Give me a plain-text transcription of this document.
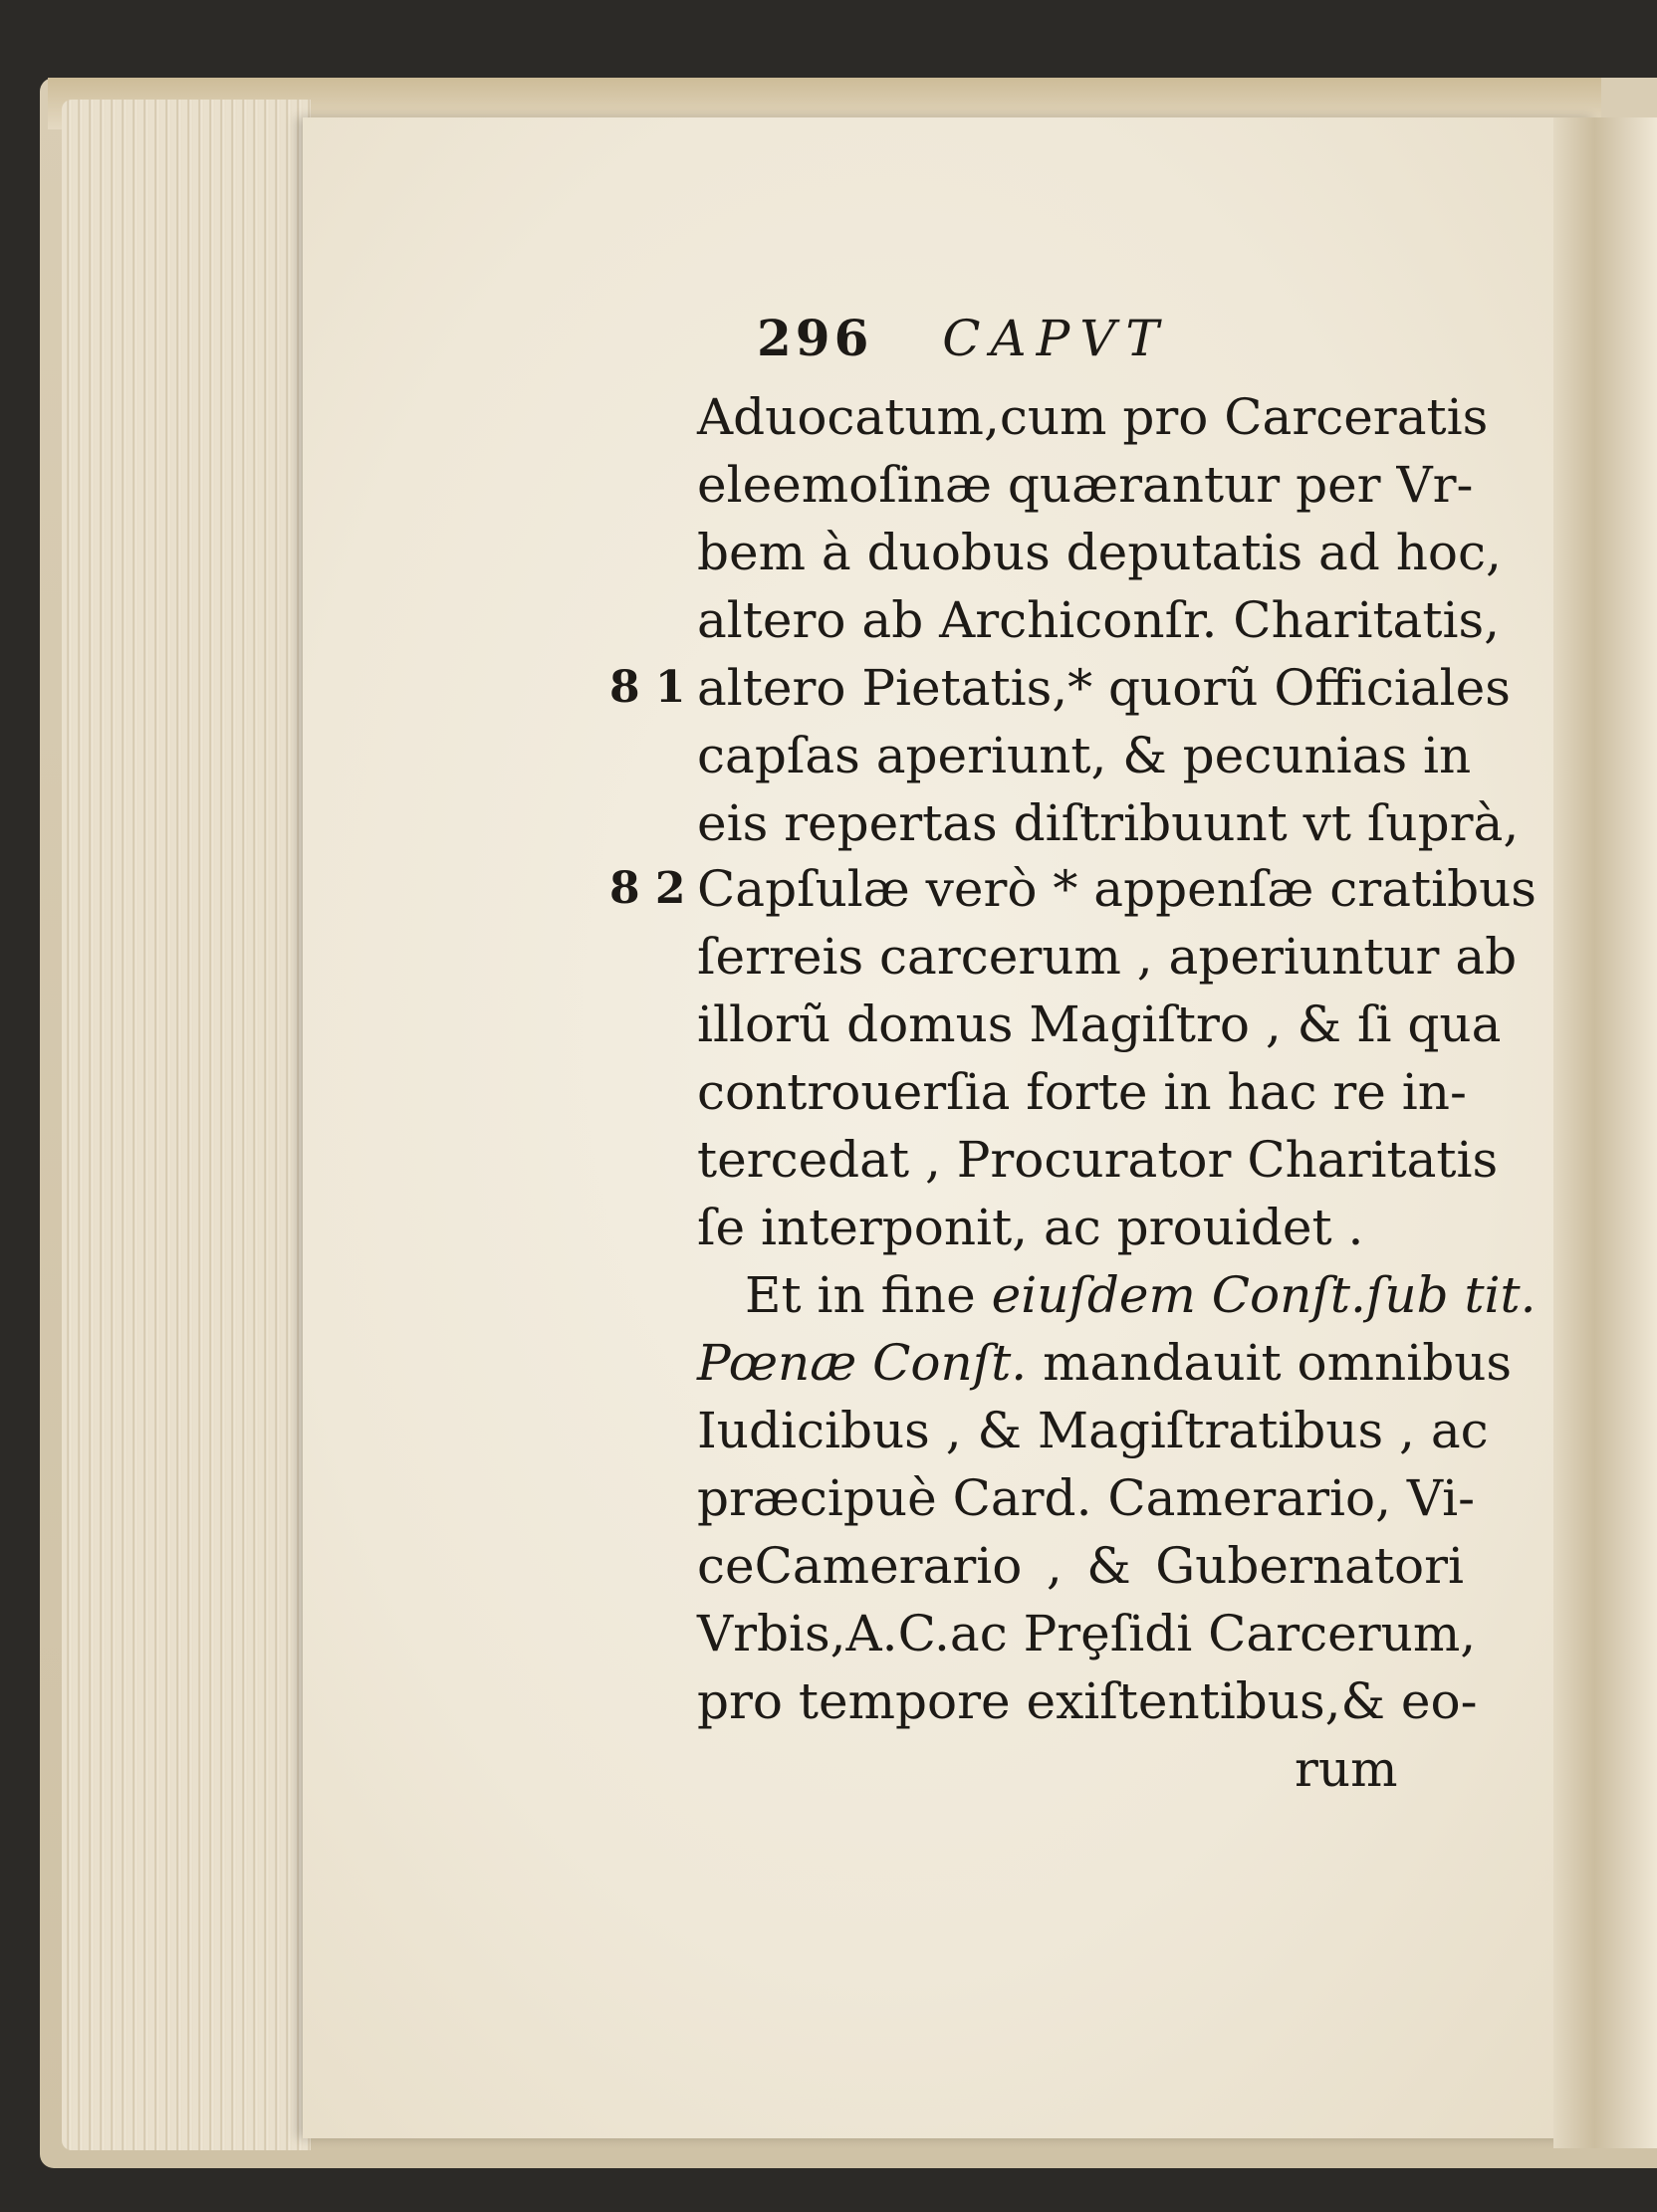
296 CAPVT
8 1
8 2
Aduocatum,cum pro Carceratis
eleemoſinæ quærantur per Vr-
bem à duobus deputatis ad hoc,
altero ab Archiconſr. Charitatis,
altero Pietatis,* quorũ Officiales
capſas aperiunt, & pecunias in
eis repertas diſtribuunt vt ſuprà,
Capſulæ verò * appenſæ cratibus
ſerreis carcerum , aperiuntur ab
illorũ domus Magiſtro , & ſi qua
controuerſia forte in hac re in-
tercedat , Procurator Charitatis
ſe interponit, ac prouidet .
Et in fine eiuſdem Conſt.ſub tit.
Pœnæ Conſt. mandauit omnibus
Iudicibus , & Magiſtratibus , ac
præcipuè Card. Camerario, Vi-
ceCamerario , & Gubernatori
Vrbis,A.C.ac Prȩſidi Carcerum,
pro tempore exiſtentibus,& eo-
rum
